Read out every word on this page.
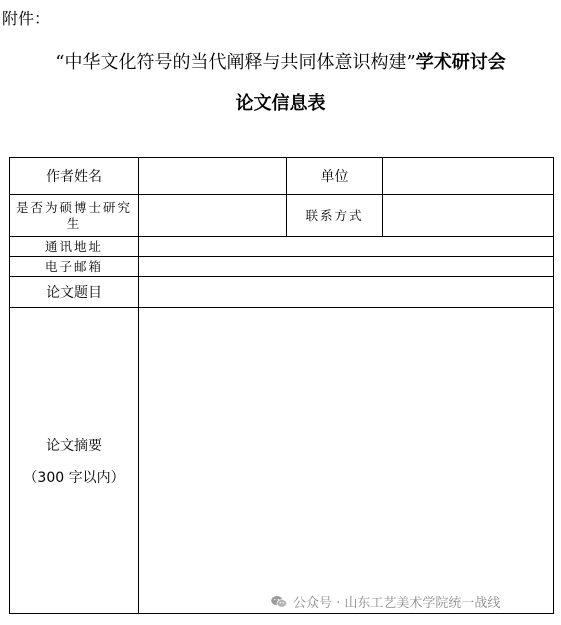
附件：
“中华文化符号的当代阐释与共同体意识构建”学术研讨会
论文信息表
作者姓名		单位	
是否为硕博士研究生		联系方式	
通讯地址			
电子邮箱			
论文题目			

论文摘要
（300 字以内）			

公众号 · 山东工艺美术学院统一战线
